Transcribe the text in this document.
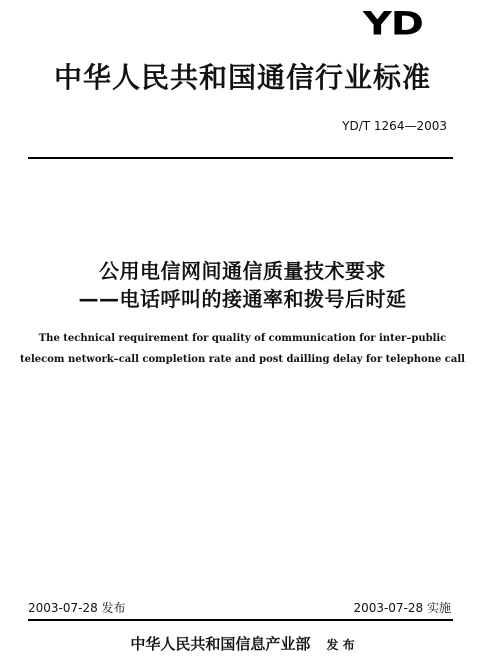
YD
中华人民共和国通信行业标准
YD/T 1264—2003
公用电信网间通信质量技术要求
——电话呼叫的接通率和拨号后时延
The technical requirement for quality of communication for inter–public
telecom network–call completion rate and post dailling delay for telephone call
2003-07-28 发布	2003-07-28 实施
中华人民共和国信息产业部 发 布
